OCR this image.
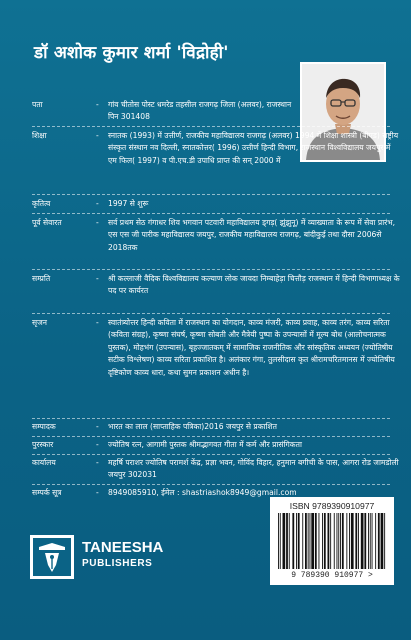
डॉ अशोक कुमार शर्मा 'विद्रोही'
पता	- गांव चीतोस पोस्ट धमरेड तहसील राजगढ़ जिला (अलवर), राजस्थान पिन 301408
शिक्षा	- स्नातक (1993) में उत्तीर्ण, राजकीय महाविद्यालय राजगढ़ (अलवर) 1994 में शिक्षा शास्त्री (बीएड) राष्ट्रीय संस्कृत संस्थान नव दिल्ली, स्नातकोत्तर( 1996) उत्तीर्ण हिन्दी विभाग, राजस्थान विश्वविद्यालय जयपुर में एम फिल( 1997) व पी.एच.डी उपाधि प्राप्त की सन् 2000 में
कृतित्व	- 1997 से शुरू
पूर्व सेवारत	- सर्व प्रथम सेठ गंगाधर शिव भगवान पटवारी महाविद्यालय ड्गड़( झुंझुनू) में व्याख्याता के रूप में सेवा प्रारंभ, एस एस जी पारीक महाविद्यालय जयपुर, राजकीय महाविद्यालय राजगढ़, बांदीकुई तथा दौसा 2006से 2018तक
सम्प्रति	- श्री कल्लाजी वैदिक विश्वविद्यालय कल्याण लोक जावदा निम्बाहेड़ा चित्तौड़ राजस्थान में हिन्दी विभागाध्यक्ष के पद पर कार्यरत
सृजन	- स्वातंत्र्योत्तर हिन्दी कविता में राजस्थान का योगदान, काव्य मंजरी, काव्य प्रवाह, काव्य तरंग, काव्य सरिता (कविता संग्रह), कृष्णा संघर्ष, कृष्णा सोबती और मैत्रेयी पुष्पा के उपन्यासों में मूल्य बोध (आलोचनात्मक पुस्तक), मोहभंग (उपन्यास), बृहज्जातकम् में सामाजिक राजनीतिक और सांस्कृतिक अध्ययन (ज्योतिषीय सटीक विश्लेषण) काव्य सरिता प्रकाशित है। अलंकार गंगा, तुलसीदास कृत श्रीरामचरितमानस में ज्योतिषीय दृष्टिकोण काव्य धारा, कथा सुमन प्रकाशन अधीन है।
सम्पादक	- भारत का लाल (साप्ताहिक पत्रिका)2016 जयपुर से प्रकाशित
पुरस्कार	- ज्योतिष रत्न, आगामी पुस्तक श्रीमद्भागवत गीता में कर्म और प्रासंगिकता
कार्यालय	- महर्षि पराशर ज्योतिष परामर्श केंद्र, प्रज्ञा भवन, गोविंद विहार, हनुमान बगीची के पास, आगरा रोड जामडोली जयपुर 302031
सम्पर्क सूत्र	- 8949085910, ईमेल : shastriashok8949@gmail.com
TANEESHA
PUBLISHERS
ISBN 9789390910977
9 789390 910977 >
